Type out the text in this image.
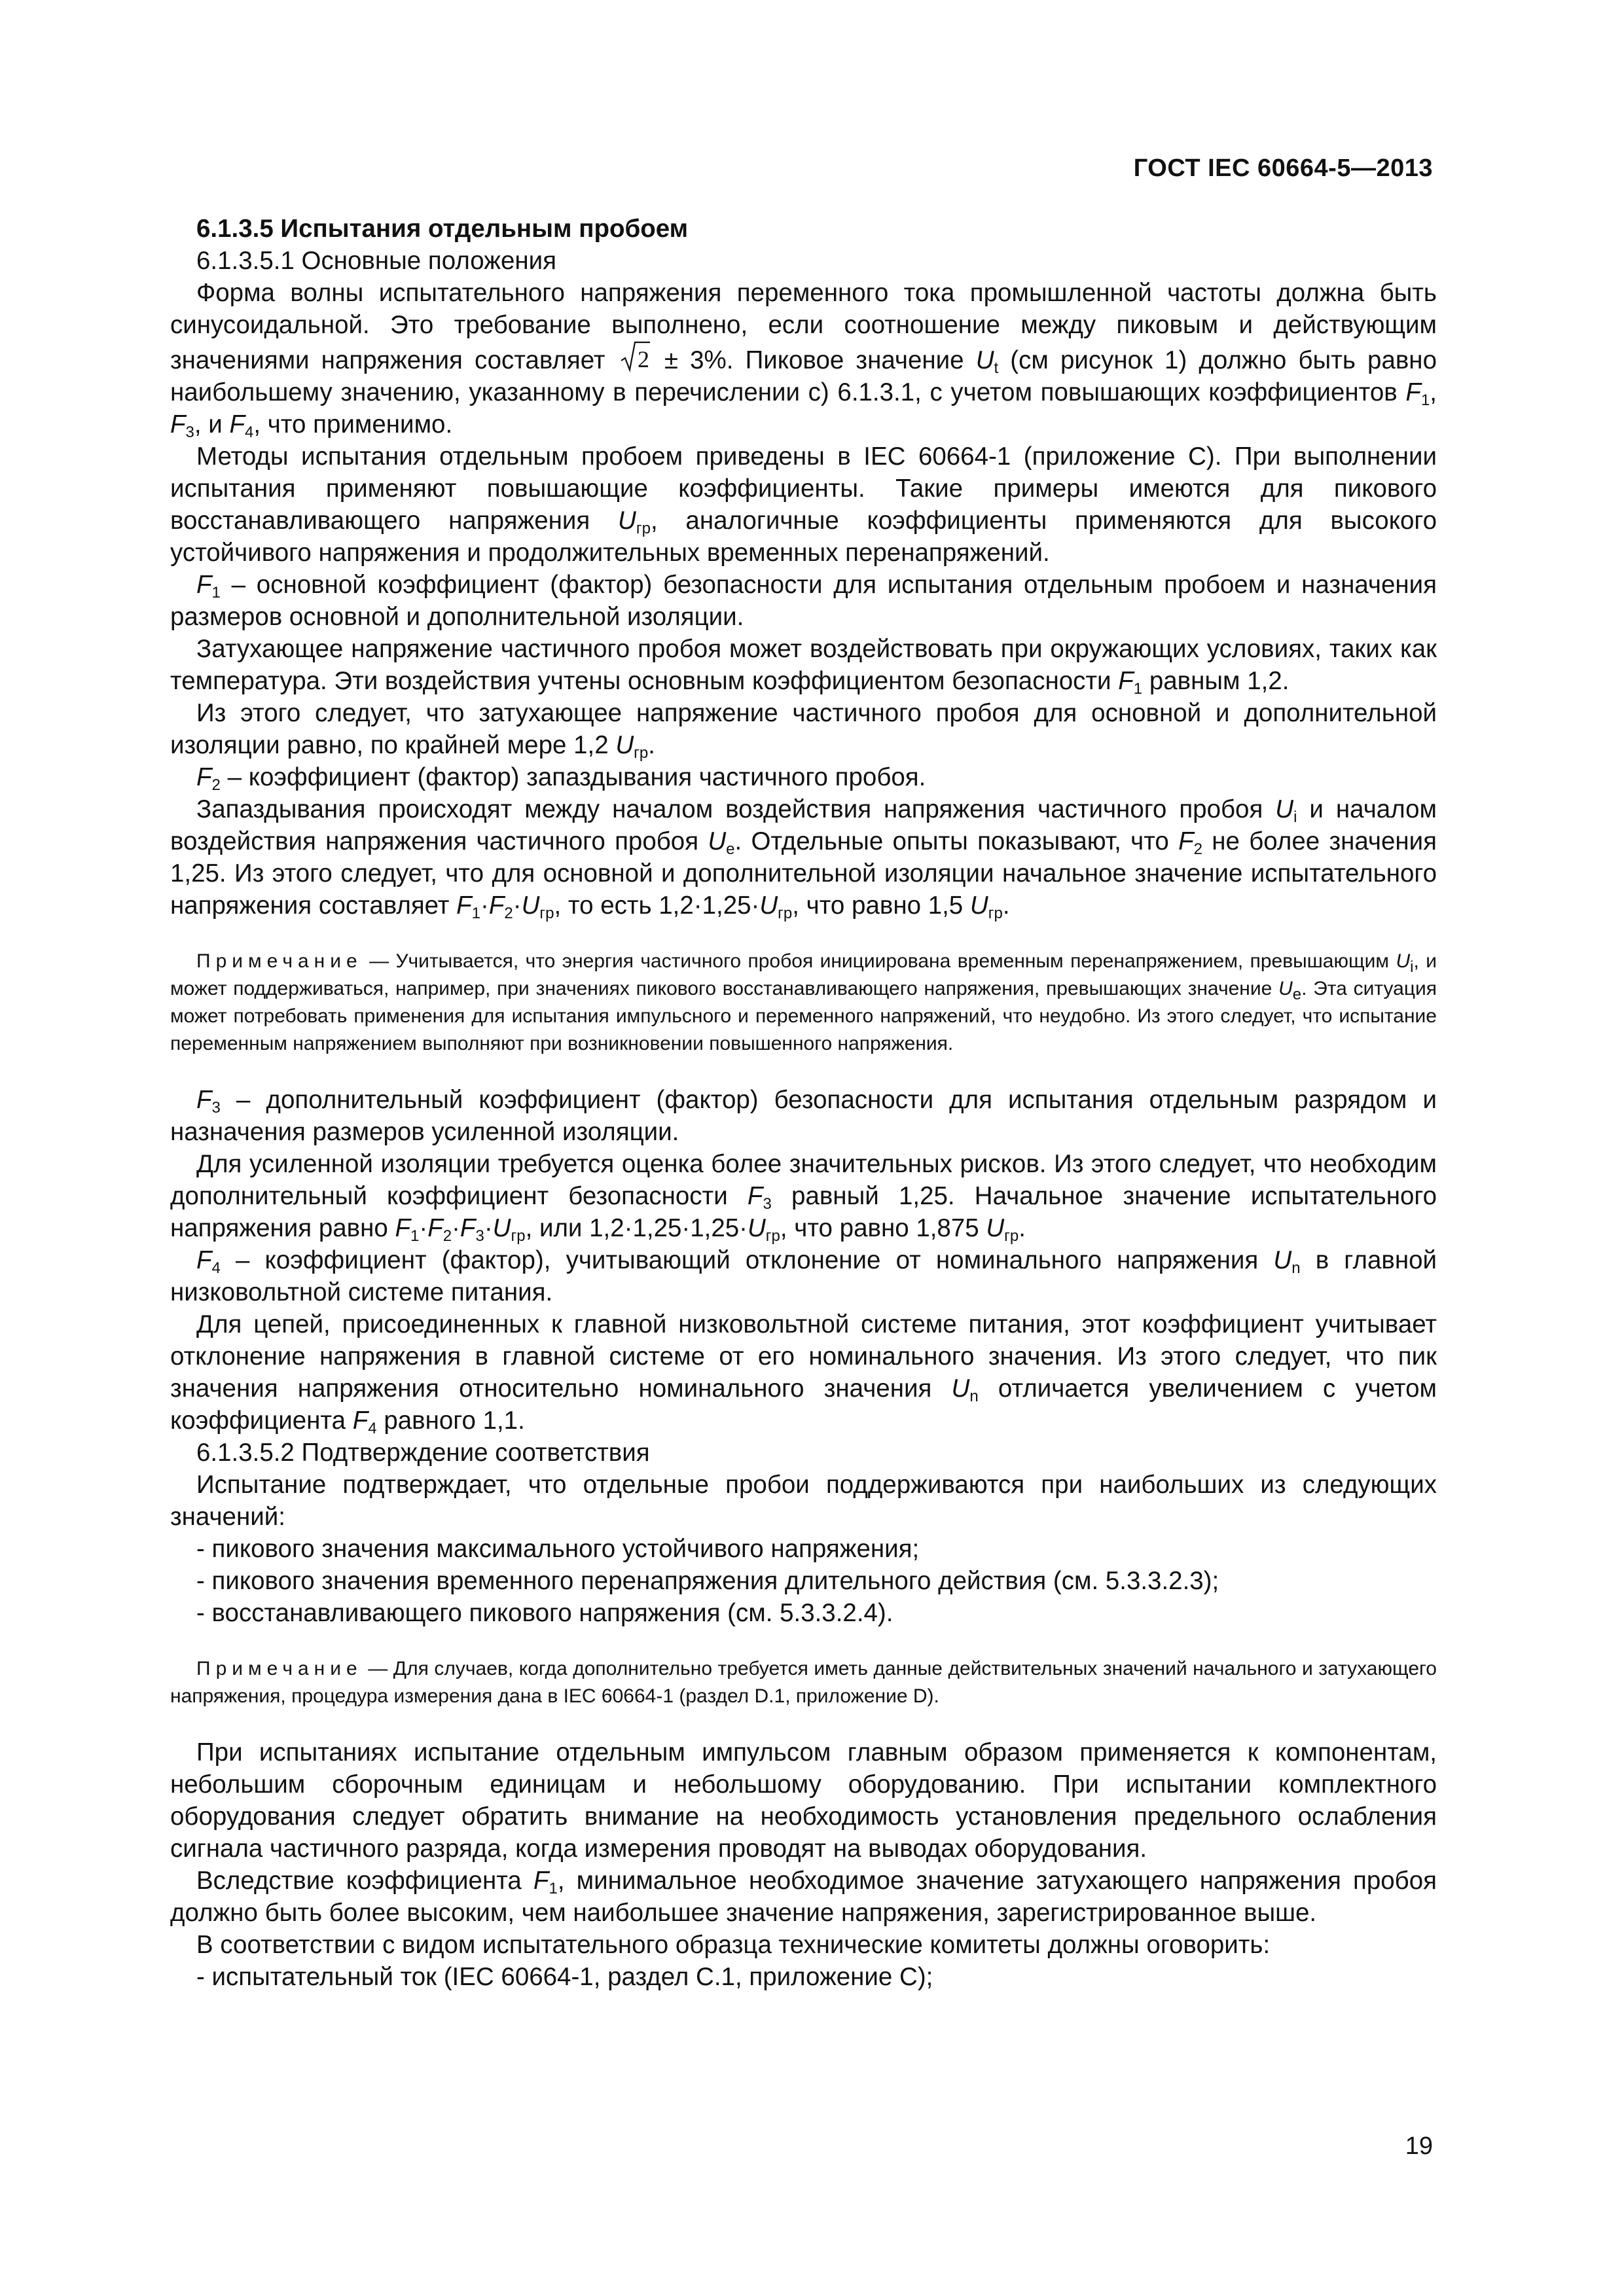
ГОСТ IEC 60664-5—2013

6.1.3.5 Испытания отдельным пробоем

6.1.3.5.1 Основные положения

Форма волны испытательного напряжения переменного тока промышленной частоты должна быть синусоидальной. Это требование выполнено, если соотношение между пиковым и действующим значениями напряжения составляет 2 ± 3%. Пиковое значение $U_t$ (см рисунок 1) должно быть равно наибольшему значению, указанному в перечислении с) 6.1.3.1, с учетом повышающих коэффициентов $F_1$, $F_3$, и $F_4$, что применимо.

Методы испытания отдельным пробоем приведены в IEC 60664-1 (приложение С). При выполнении испытания применяют повышающие коэффициенты. Такие примеры имеются для пикового восстанавливающего напряжения $U_{гр}$, аналогичные коэффициенты применяются для высокого устойчивого напряжения и продолжительных временных перенапряжений.

$F_1$ – основной коэффициент (фактор) безопасности для испытания отдельным пробоем и назначения размеров основной и дополнительной изоляции.

Затухающее напряжение частичного пробоя может воздействовать при окружающих условиях, таких как температура. Эти воздействия учтены основным коэффициентом безопасности $F_1$ равным 1,2.

Из этого следует, что затухающее напряжение частичного пробоя для основной и дополнительной изоляции равно, по крайней мере 1,2 $U_{гр}$.

$F_2$ – коэффициент (фактор) запаздывания частичного пробоя.

Запаздывания происходят между началом воздействия напряжения частичного пробоя $U_i$ и началом воздействия напряжения частичного пробоя $U_e$. Отдельные опыты показывают, что $F_2$ не более значения 1,25. Из этого следует, что для основной и дополнительной изоляции начальное значение испытательного напряжения составляет $F_1\cdot F_2\cdot U_{гр}$, то есть $1,2\cdot 1,25\cdot U_{гр}$, что равно 1,5 $U_{гр}$.

Примечание — Учитывается, что энергия частичного пробоя инициирована временным перенапряжением, превышающим $U_i$, и может поддерживаться, например, при значениях пикового восстанавливающего напряжения, превышающих значение $U_e$. Эта ситуация может потребовать применения для испытания импульсного и переменного напряжений, что неудобно. Из этого следует, что испытание переменным напряжением выполняют при возникновении повышенного напряжения.

$F_3$ – дополнительный коэффициент (фактор) безопасности для испытания отдельным разрядом и назначения размеров усиленной изоляции.

Для усиленной изоляции требуется оценка более значительных рисков. Из этого следует, что необходим дополнительный коэффициент безопасности $F_3$ равный 1,25. Начальное значение испытательного напряжения равно $F_1\cdot F_2\cdot F_3\cdot U_{гр}$, или $1,2\cdot 1,25\cdot 1,25\cdot U_{гр}$, что равно 1,875 $U_{гр}$.

$F_4$ – коэффициент (фактор), учитывающий отклонение от номинального напряжения $U_n$ в главной низковольтной системе питания.

Для цепей, присоединенных к главной низковольтной системе питания, этот коэффициент учитывает отклонение напряжения в главной системе от его номинального значения. Из этого следует, что пик значения напряжения относительно номинального значения $U_n$ отличается увеличением с учетом коэффициента $F_4$ равного 1,1.

6.1.3.5.2 Подтверждение соответствия

Испытание подтверждает, что отдельные пробои поддерживаются при наибольших из следующих значений:

- пикового значения максимального устойчивого напряжения;

- пикового значения временного перенапряжения длительного действия (см. 5.3.3.2.3);

- восстанавливающего пикового напряжения (см. 5.3.3.2.4).

Примечание — Для случаев, когда дополнительно требуется иметь данные действительных значений начального и затухающего напряжения, процедура измерения дана в IEC 60664-1 (раздел D.1, приложение D).

При испытаниях испытание отдельным импульсом главным образом применяется к компонентам, небольшим сборочным единицам и небольшому оборудованию. При испытании комплектного оборудования следует обратить внимание на необходимость установления предельного ослабления сигнала частичного разряда, когда измерения проводят на выводах оборудования.

Вследствие коэффициента $F_1$, минимальное необходимое значение затухающего напряжения пробоя должно быть более высоким, чем наибольшее значение напряжения, зарегистрированное выше.

В соответствии с видом испытательного образца технические комитеты должны оговорить:

- испытательный ток (IEC 60664-1, раздел С.1, приложение С);

19
